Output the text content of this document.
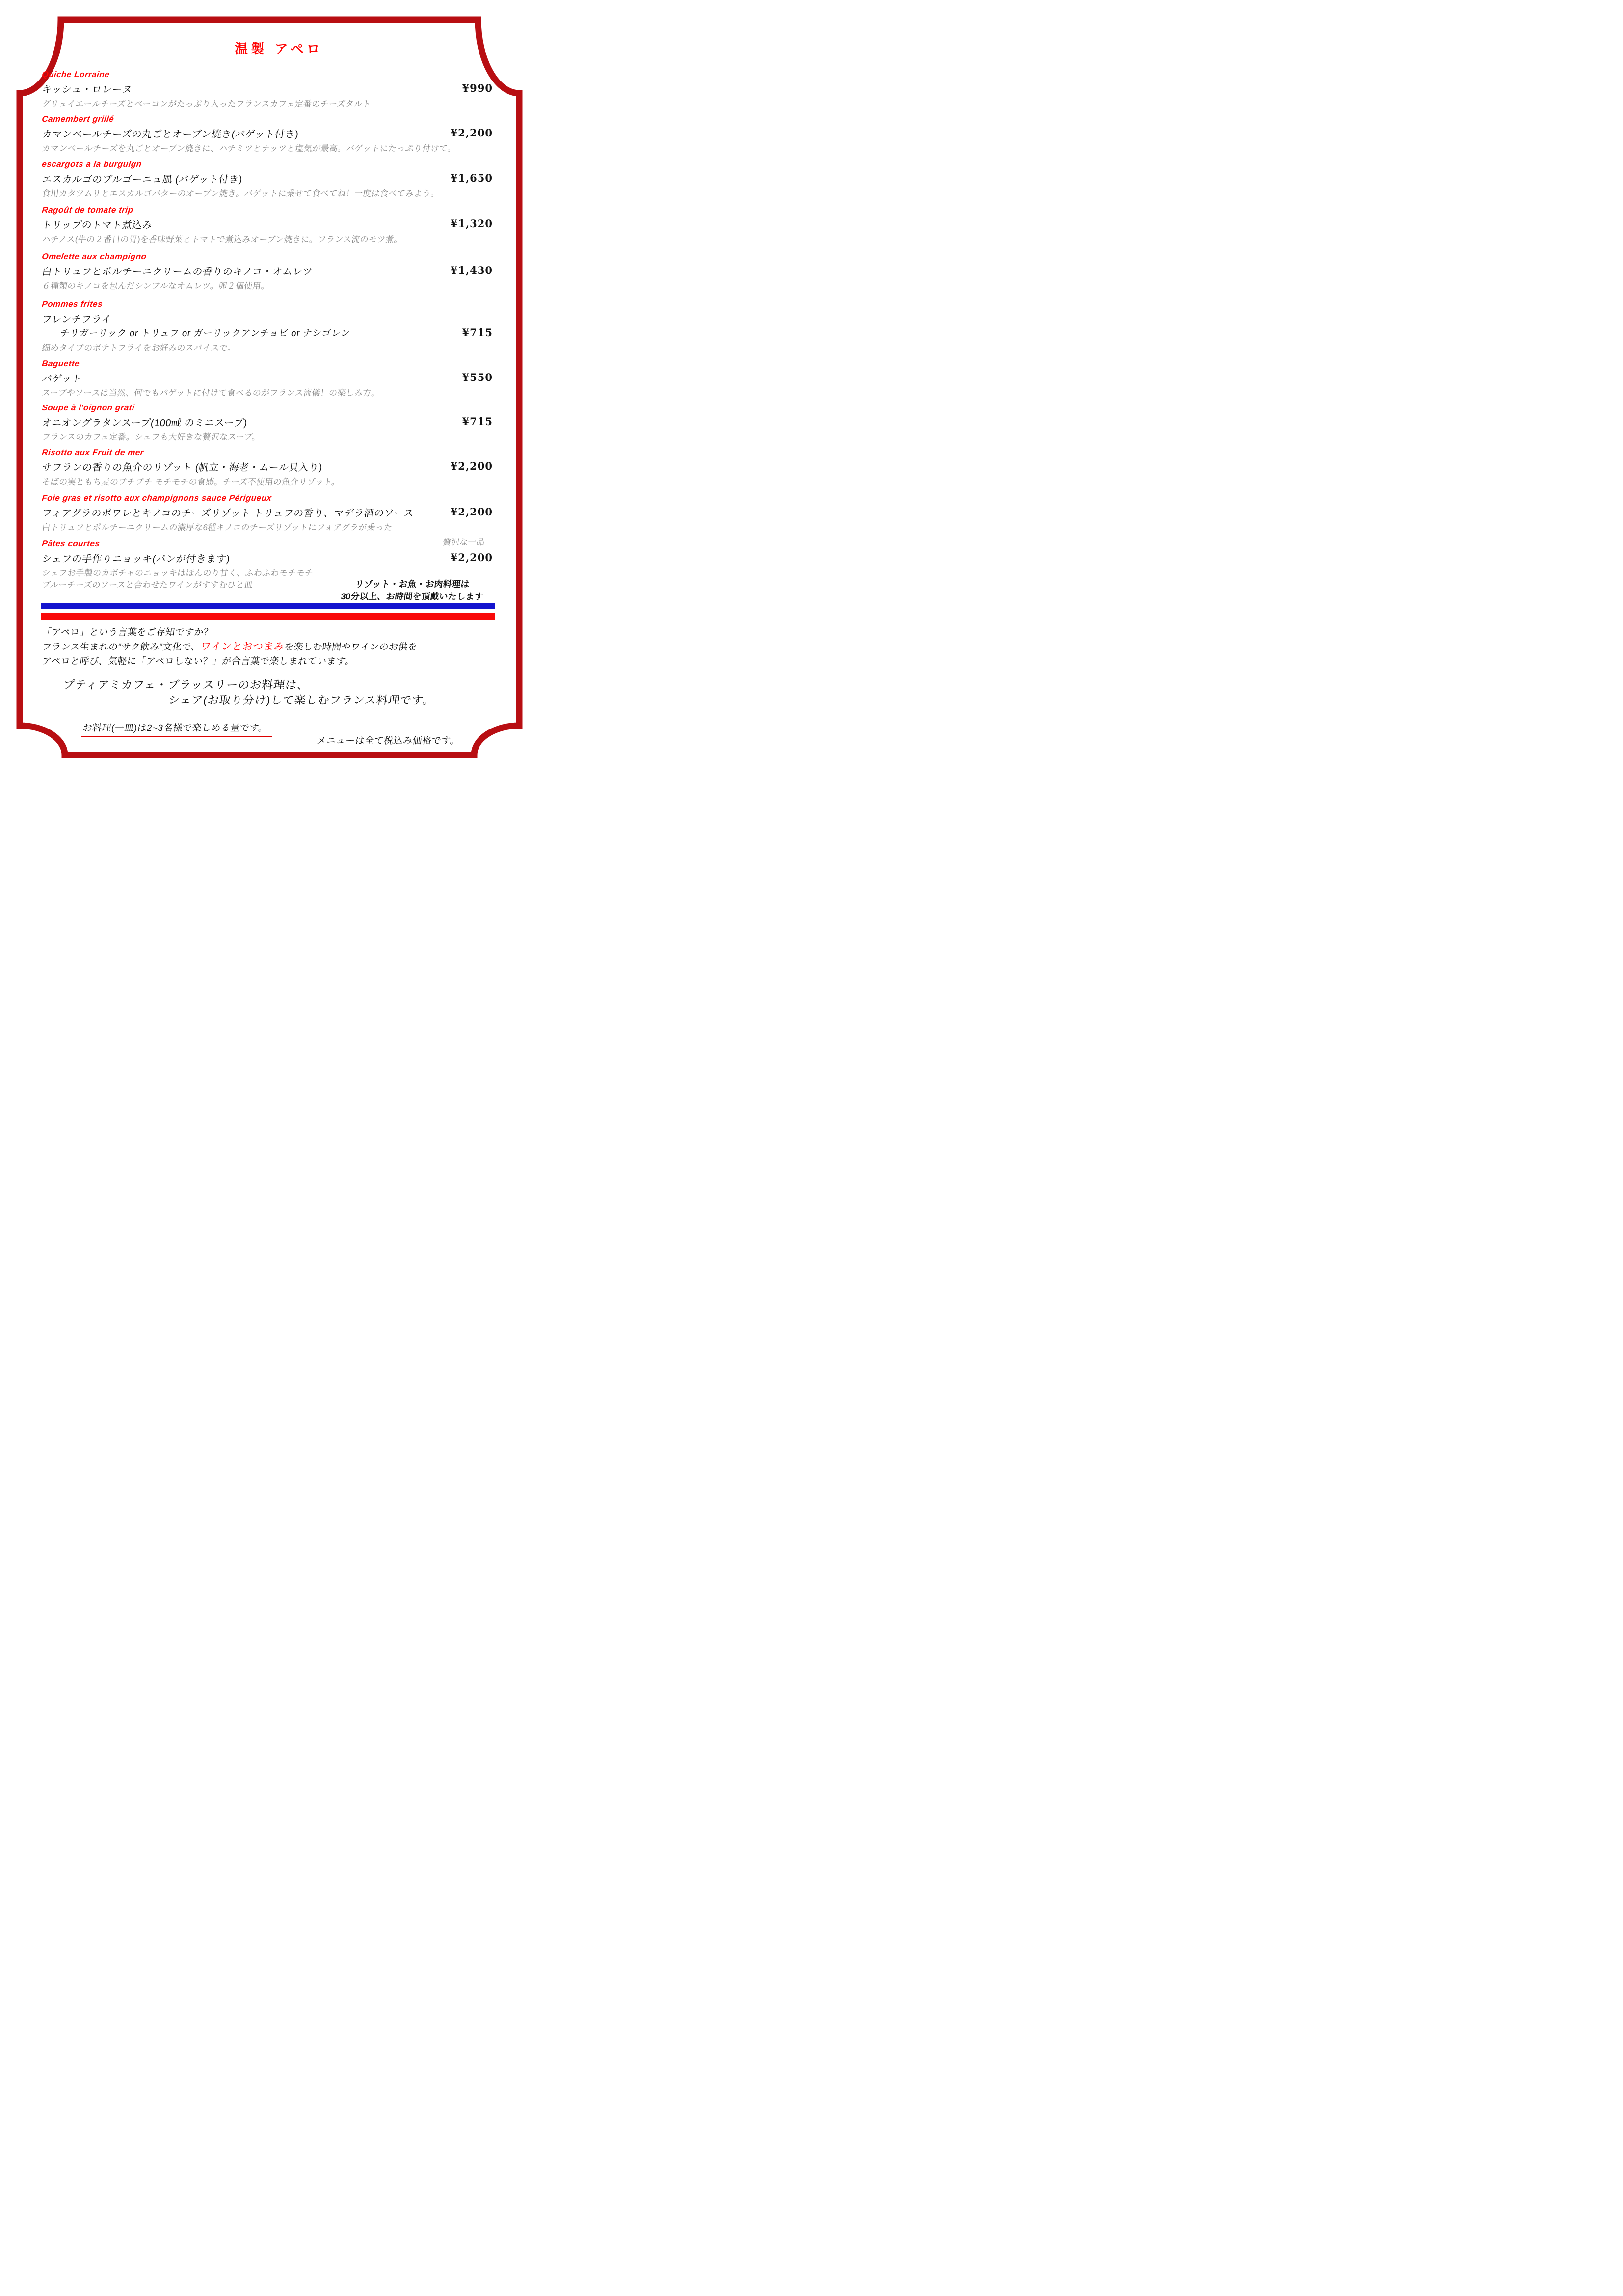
温製 アペロ
Quiche Lorraine
キッシュ・ロレーヌ
グリュイエールチーズとベーコンがたっぷり入ったフランスカフェ定番のチーズタルト
¥990
Camembert grillé
カマンベールチーズの丸ごとオーブン焼き(バゲット付き)
カマンベールチーズを丸ごとオーブン焼きに、ハチミツとナッツと塩気が最高。バゲットにたっぷり付けて。
¥2,200
escargots a la burguign
エスカルゴのブルゴーニュ風 (バゲット付き)
食用カタツムリとエスカルゴバターのオーブン焼き。バゲットに乗せて食べてね！一度は食べてみよう。
¥1,650
Ragoût de tomate trip
トリップのトマト煮込み
ハチノス(牛の２番目の胃)を香味野菜とトマトで煮込みオーブン焼きに。フランス流のモツ煮。
¥1,320
Omelette aux champigno
白トリュフとポルチーニクリームの香りのキノコ・オムレツ
６種類のキノコを包んだシンプルなオムレツ。卵２個使用。
¥1,430
Pommes frites
フレンチフライ
チリガーリック or トリュフ or ガーリックアンチョビ or ナシゴレン
細めタイプのポテトフライをお好みのスパイスで。
¥715
Baguette
バゲット
スープやソースは当然、何でもバゲットに付けて食べるのがフランス流儀！の楽しみ方。
¥550
Soupe à l'oignon grati
オニオングラタンスープ(100㎖ のミニスープ)
フランスのカフェ定番。シェフも大好きな贅沢なスープ。
¥715
Risotto aux Fruit de mer
サフランの香りの魚介のリゾット (帆立・海老・ムール貝入り)
そばの実ともち麦のプチプチ モチモチの食感。チーズ不使用の魚介リゾット。
¥2,200
Foie gras et risotto aux champignons sauce Périgueux
フォアグラのポワレとキノコのチーズリゾット トリュフの香り、マデラ酒のソース
白トリュフとポルチーニクリームの濃厚な6種キノコのチーズリゾットにフォアグラが乗った
¥2,200
贅沢な一品
Pâtes courtes
シェフの手作りニョッキ(パンが付きます)
シェフお手製のカボチャのニョッキはほんのり甘く、ふわふわモチモチ
ブルーチーズのソースと合わせたワインがすすむひと皿
¥2,200
リゾット・お魚・お肉料理は
30分以上、お時間を頂戴いたします
「アペロ」という言葉をご存知ですか？
フランス生まれの"サク飲み"文化で、ワインとおつまみを楽しむ時間やワインのお供を
アペロと呼び、気軽に「アペロしない？」が合言葉で楽しまれています。
プティアミカフェ・ブラッスリーのお料理は、
シェア(お取り分け)して楽しむフランス料理です。
お料理(一皿)は2~3名様で楽しめる量です。
メニューは全て税込み価格です。
